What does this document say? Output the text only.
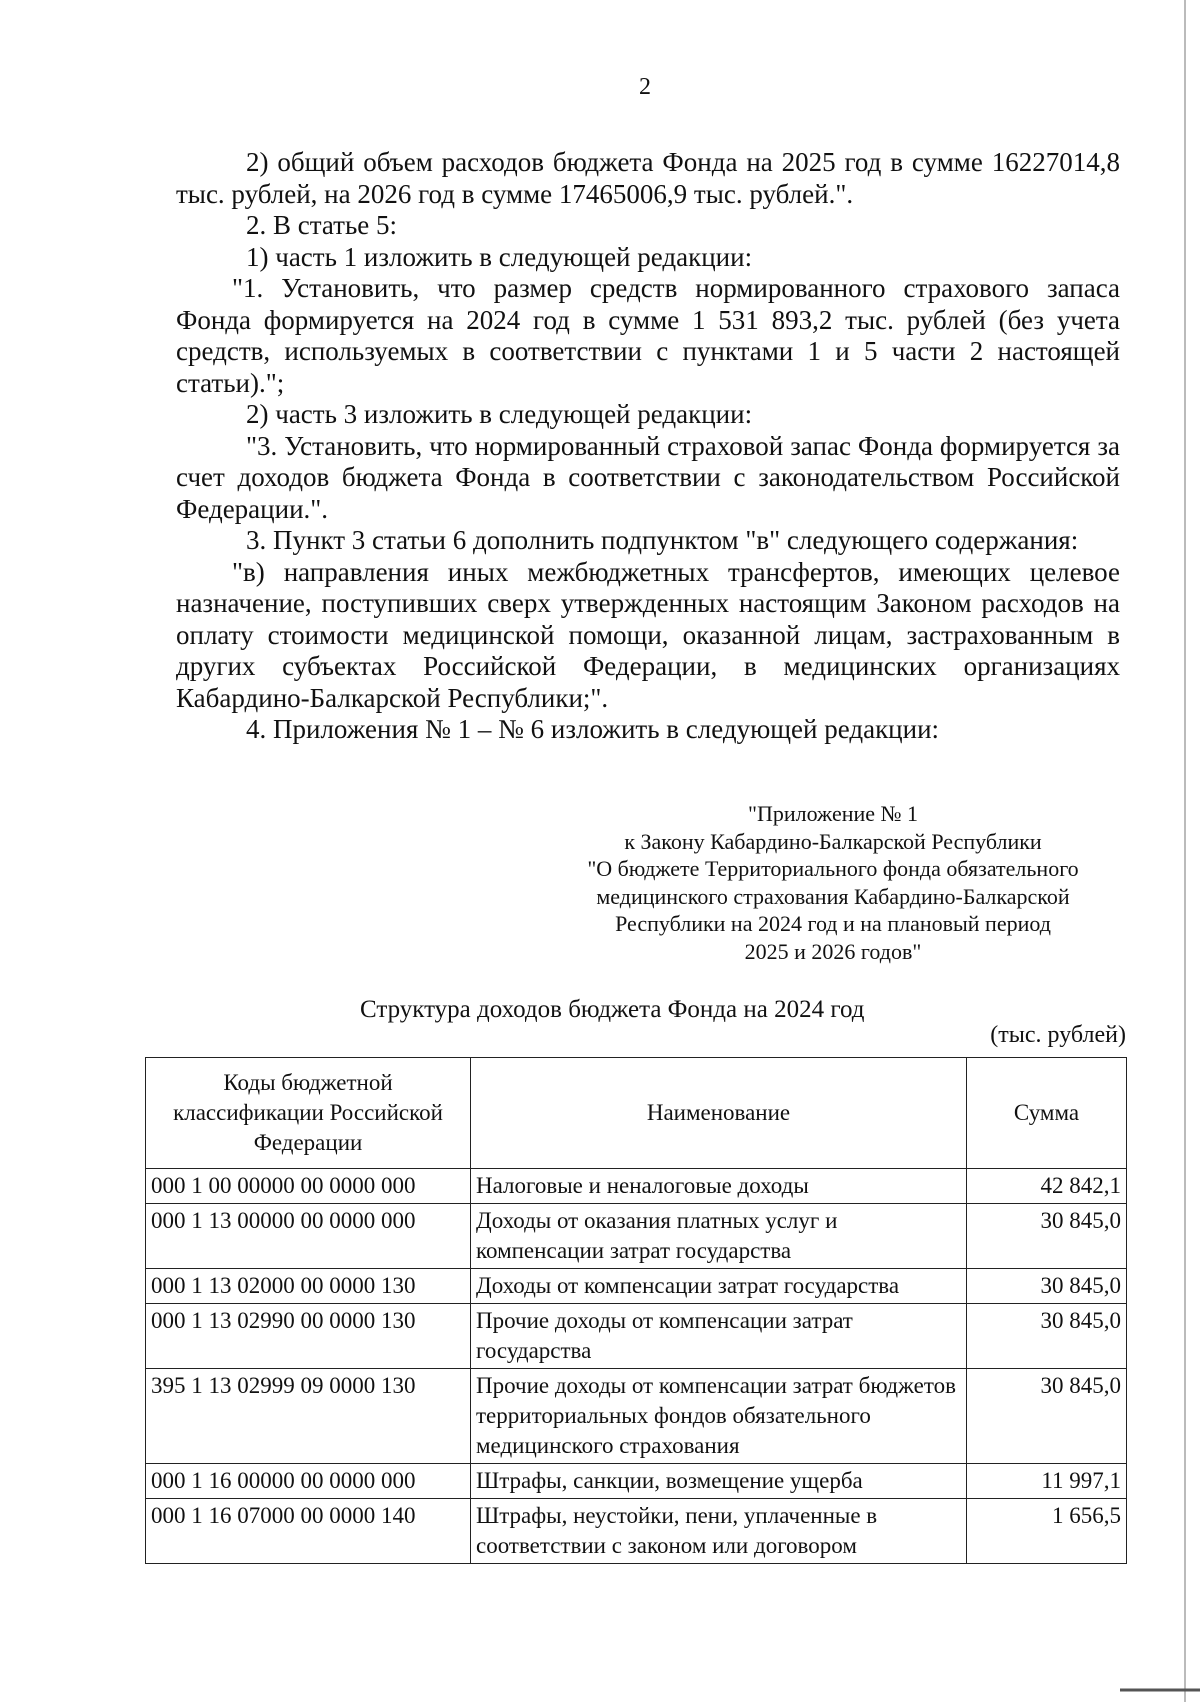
2

2) общий объем расходов бюджета Фонда на 2025 год в сумме 16227014,8 тыс. рублей, на 2026 год в сумме 17465006,9 тыс. рублей.".

2. В статье 5:

1) часть 1 изложить в следующей редакции:

"1. Установить, что размер средств нормированного страхового запаса Фонда формируется на 2024 год в сумме 1 531 893,2 тыс. рублей (без учета средств, используемых в соответствии с пунктами 1 и 5 части 2 настоящей статьи).";

2) часть 3 изложить в следующей редакции:

"3. Установить, что нормированный страховой запас Фонда формируется за счет доходов бюджета Фонда в соответствии с законодательством Российской Федерации.".

3. Пункт 3 статьи 6 дополнить подпунктом "в" следующего содержания:

"в) направления иных межбюджетных трансфертов, имеющих целевое назначение, поступивших сверх утвержденных настоящим Законом расходов на оплату стоимости медицинской помощи, оказанной лицам, застрахованным в других субъектах Российской Федерации, в медицинских организациях Кабардино-Балкарской Республики;".

4. Приложения № 1 – № 6 изложить в следующей редакции:

"Приложение № 1
к Закону Кабардино-Балкарской Республики
"О бюджете Территориального фонда обязательного
медицинского страхования Кабардино-Балкарской
Республики на 2024 год и на плановый период
2025 и 2026 годов"
Структура доходов бюджета Фонда на 2024 год
(тыс. рублей)
Коды бюджетной классификации Российской Федерации	Наименование	Сумма
000 1 00 00000 00 0000 000	Налоговые и неналоговые доходы	42 842,1
000 1 13 00000 00 0000 000	Доходы от оказания платных услуг и компенсации затрат государства	30 845,0
000 1 13 02000 00 0000 130	Доходы от компенсации затрат государства	30 845,0
000 1 13 02990 00 0000 130	Прочие доходы от компенсации затрат государства	30 845,0
395 1 13 02999 09 0000 130	Прочие доходы от компенсации затрат бюджетов территориальных фондов обязательного медицинского страхования	30 845,0
000 1 16 00000 00 0000 000	Штрафы, санкции, возмещение ущерба	11 997,1
000 1 16 07000 00 0000 140	Штрафы, неустойки, пени, уплаченные в соответствии с законом или договором	1 656,5
